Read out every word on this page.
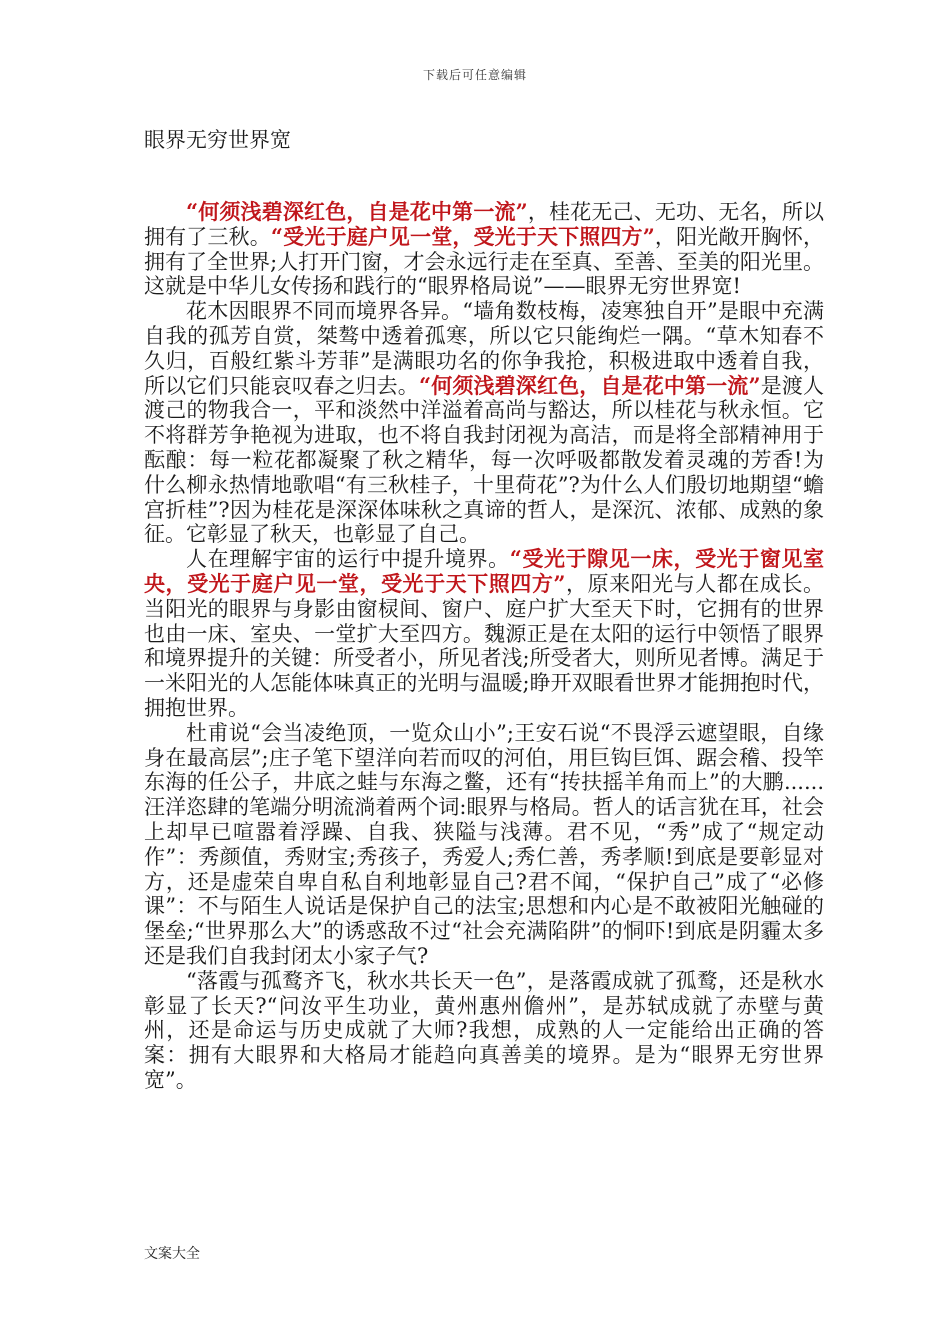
下载后可任意编辑
眼界无穷世界宽

“何须浅碧深红色，自是花中第一流”，桂花无己、无功、无名，所以拥有了三秋。“受光于庭户见一堂，受光于天下照四方”，阳光敞开胸怀，拥有了全世界;人打开门窗，才会永远行走在至真、至善、至美的阳光里。这就是中华儿女传扬和践行的“眼界格局说”——眼界无穷世界宽!

花木因眼界不同而境界各异。“墙角数枝梅，凌寒独自开”是眼中充满自我的孤芳自赏，桀骜中透着孤寒，所以它只能绚烂一隅。“草木知春不久归，百般红紫斗芳菲”是满眼功名的你争我抢，积极进取中透着自我，所以它们只能哀叹春之归去。“何须浅碧深红色，自是花中第一流”是渡人渡己的物我合一，平和淡然中洋溢着高尚与豁达，所以桂花与秋永恒。它不将群芳争艳视为进取，也不将自我封闭视为高洁，而是将全部精神用于酝酿：每一粒花都凝聚了秋之精华，每一次呼吸都散发着灵魂的芳香!为什么柳永热情地歌唱“有三秋桂子，十里荷花”?为什么人们殷切地期望“蟾宫折桂”?因为桂花是深深体味秋之真谛的哲人，是深沉、浓郁、成熟的象征。它彰显了秋天，也彰显了自己。

人在理解宇宙的运行中提升境界。“受光于隙见一床，受光于窗见室央，受光于庭户见一堂，受光于天下照四方”，原来阳光与人都在成长。当阳光的眼界与身影由窗棂间、窗户、庭户扩大至天下时，它拥有的世界也由一床、室央、一堂扩大至四方。魏源正是在太阳的运行中领悟了眼界和境界提升的关键：所受者小，所见者浅;所受者大，则所见者博。满足于一米阳光的人怎能体味真正的光明与温暖;睁开双眼看世界才能拥抱时代，拥抱世界。

杜甫说“会当凌绝顶，一览众山小”;王安石说“不畏浮云遮望眼，自缘身在最高层”;庄子笔下望洋向若而叹的河伯，用巨钩巨饵、踞会稽、投竿东海的任公子，井底之蛙与东海之鳖，还有“抟扶摇羊角而上”的大鹏......汪洋恣肆的笔端分明流淌着两个词:眼界与格局。哲人的话言犹在耳，社会上却早已喧嚣着浮躁、自我、狭隘与浅薄。君不见，“秀”成了“规定动作”：秀颜值，秀财宝;秀孩子，秀爱人;秀仁善，秀孝顺!到底是要彰显对方，还是虚荣自卑自私自利地彰显自己?君不闻，“保护自己”成了“必修课”：不与陌生人说话是保护自己的法宝;思想和内心是不敢被阳光触碰的堡垒;“世界那么大”的诱惑敌不过“社会充满陷阱”的恫吓!到底是阴霾太多还是我们自我封闭太小家子气?

“落霞与孤鹜齐飞，秋水共长天一色”，是落霞成就了孤鹜，还是秋水彰显了长天?“问汝平生功业，黄州惠州儋州”，是苏轼成就了赤壁与黄州，还是命运与历史成就了大师?我想，成熟的人一定能给出正确的答案：拥有大眼界和大格局才能趋向真善美的境界。是为“眼界无穷世界宽”。

文案大全
